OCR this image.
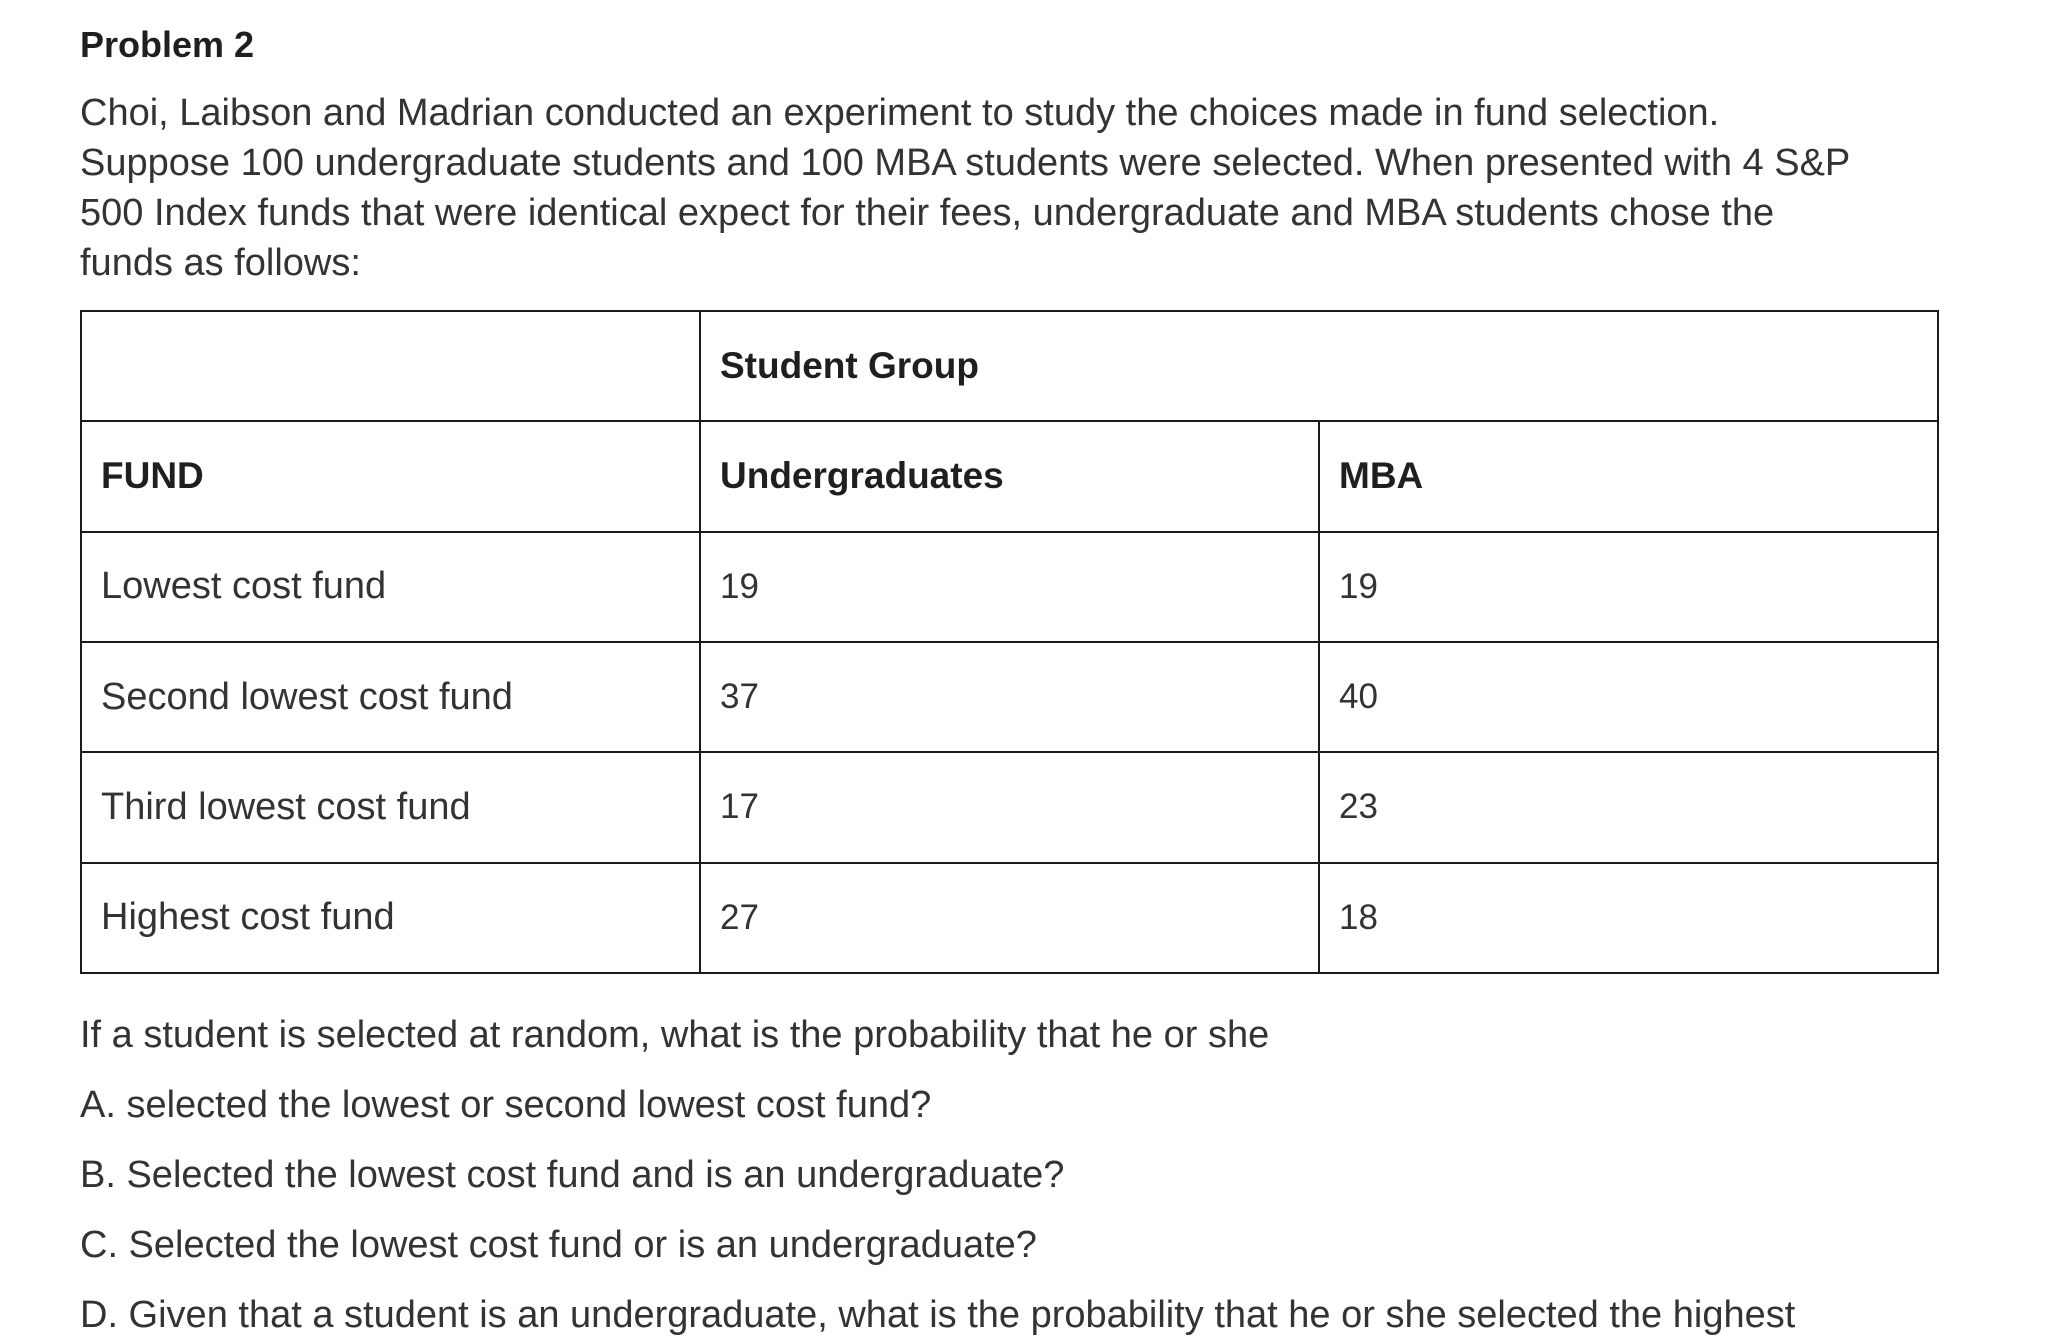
Problem 2
Choi, Laibson and Madrian conducted an experiment to study the choices made in fund selection.
Suppose 100 undergraduate students and 100 MBA students were selected. When presented with 4 S&P
500 Index funds that were identical expect for their fees, undergraduate and MBA students chose the
funds as follows:
	Student Group	
FUND	Undergraduates	MBA
Lowest cost fund	19	19
Second lowest cost fund	37	40
Third lowest cost fund	17	23
Highest cost fund	27	18
If a student is selected at random, what is the probability that he or she
A. selected the lowest or second lowest cost fund?
B. Selected the lowest cost fund and is an undergraduate?
C. Selected the lowest cost fund or is an undergraduate?
D. Given that a student is an undergraduate, what is the probability that he or she selected the highest
